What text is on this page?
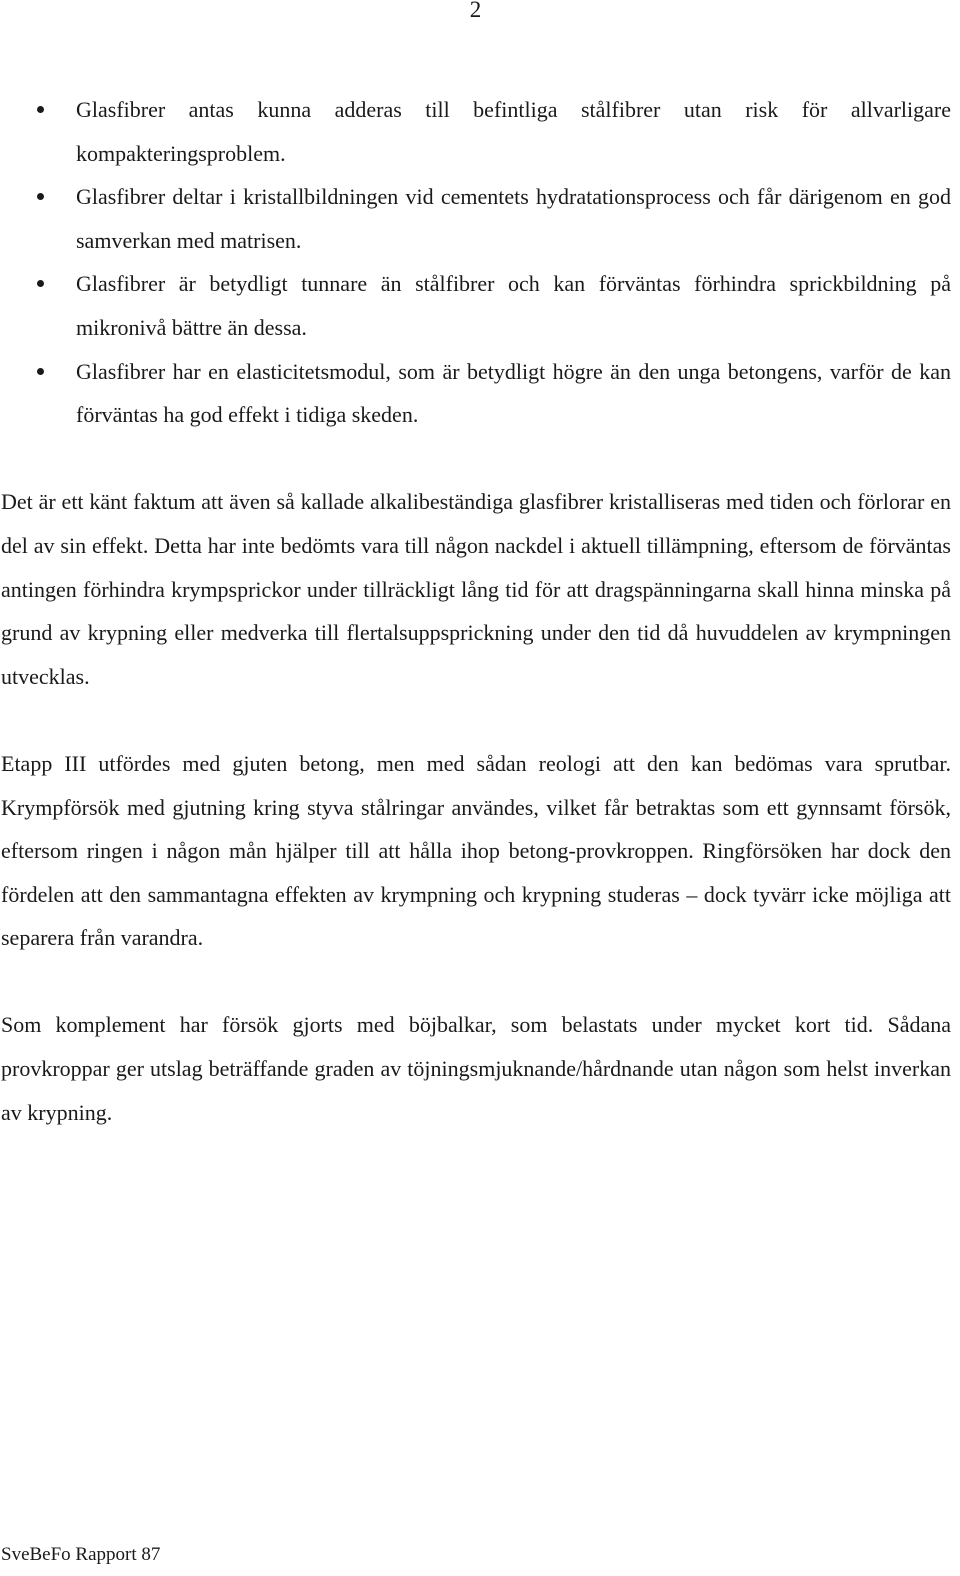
2
Glasfibrer antas kunna adderas till befintliga stålfibrer utan risk för allvarligare kompakteringsproblem.
Glasfibrer deltar i kristallbildningen vid cementets hydratationsprocess och får därigenom en god samverkan med matrisen.
Glasfibrer är betydligt tunnare än stålfibrer och kan förväntas förhindra sprickbildning på mikronivå bättre än dessa.
Glasfibrer har en elasticitetsmodul, som är betydligt högre än den unga betongens, varför de kan förväntas ha god effekt i tidiga skeden.

Det är ett känt faktum att även så kallade alkalibeständiga glasfibrer kristalliseras med tiden och förlorar en del av sin effekt. Detta har inte bedömts vara till någon nackdel i aktuell tillämpning, eftersom de förväntas antingen förhindra krympsprickor under tillräckligt lång tid för att dragspänningarna skall hinna minska på grund av krypning eller medverka till flertalsuppsprickning under den tid då huvuddelen av krympningen utvecklas.

Etapp III utfördes med gjuten betong, men med sådan reologi att den kan bedömas vara sprutbar. Krympförsök med gjutning kring styva stålringar användes, vilket får betraktas som ett gynnsamt försök, eftersom ringen i någon mån hjälper till att hålla ihop betong-provkroppen. Ringförsöken har dock den fördelen att den sammantagna effekten av krympning och krypning studeras – dock tyvärr icke möjliga att separera från varandra.

Som komplement har försök gjorts med böjbalkar, som belastats under mycket kort tid. Sådana provkroppar ger utslag beträffande graden av töjningsmjuknande/hårdnande utan någon som helst inverkan av krypning.

SveBeFo Rapport 87
